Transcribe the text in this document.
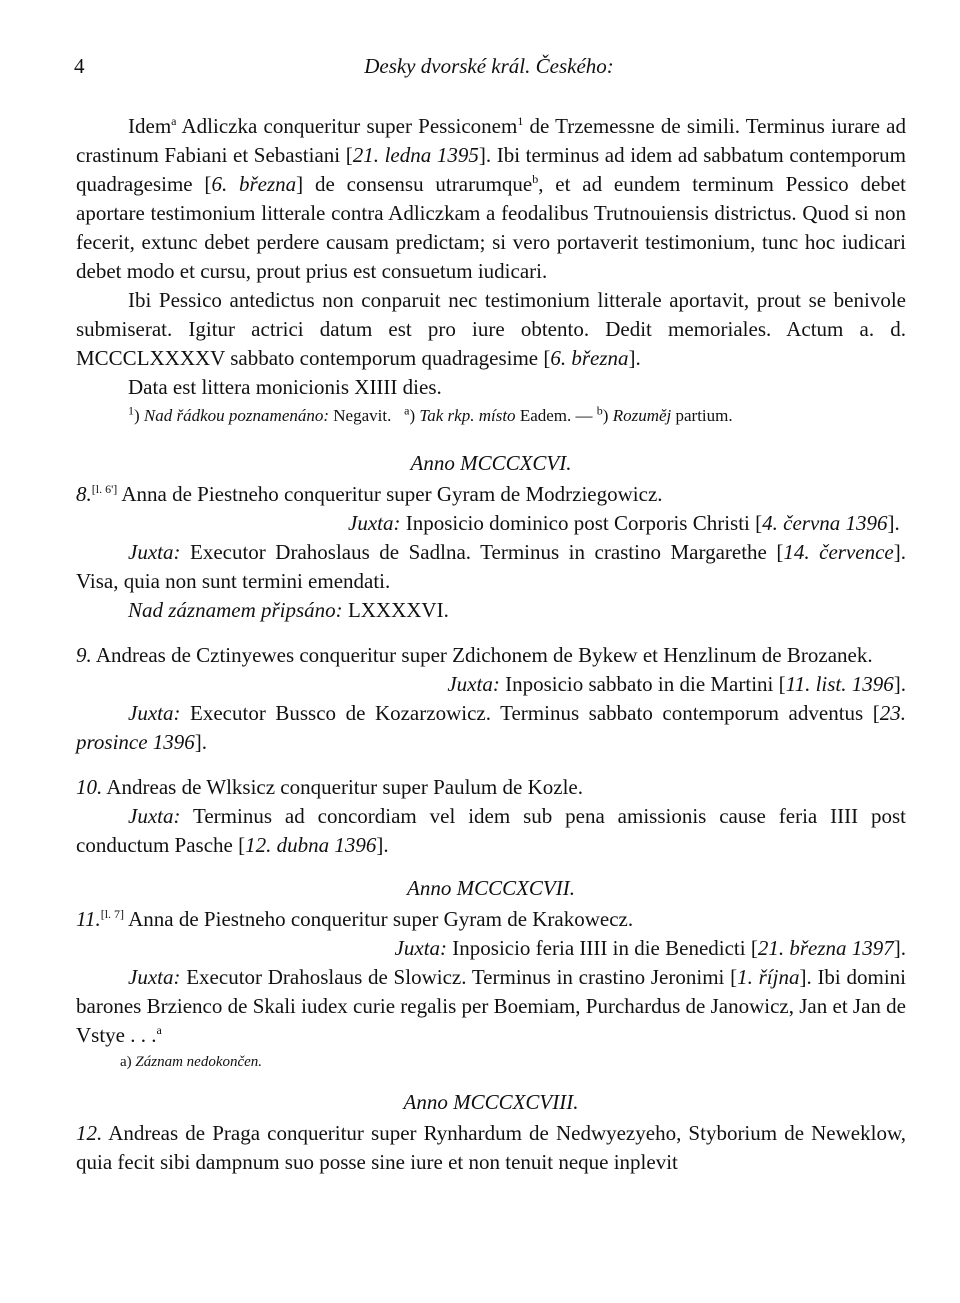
4	Desky dvorské král. Českého:

Idem$^a$ Adliczka conqueritur super Pessiconem$^1$ de Trzemessne de simili. Terminus iurare ad crastinum Fabiani et Sebastiani [21. ledna 1395]. Ibi terminus ad idem ad sabbatum contemporum quadragesime [6. března] de consensu utrarumque$^b$, et ad eundem terminum Pessico debet aportare testimonium litterale contra Adliczkam a feodalibus Trutnouiensis districtus. Quod si non fecerit, extunc debet perdere causam predictam; si vero portaverit testimonium, tunc hoc iudicari debet modo et cursu, prout prius est consuetum iudicari.

Ibi Pessico antedictus non conparuit nec testimonium litterale aportavit, prout se benivole submiserat. Igitur actrici datum est pro iure obtento. Dedit memoriales. Actum a. d. MCCCLXXXXV sabbato contemporum quadragesime [6. března].

Data est littera monicionis XIIII dies.

$^1$) Nad řádkou poznamenáno: Negavit. $^a$) Tak rkp. místo Eadem. — $^b$) Rozuměj partium.

Anno MCCCXCVI.

8.[l. 6'] Anna de Piestneho conqueritur super Gyram de Modrziegowicz.

Juxta: Inposicio dominico post Corporis Christi [4. června 1396].

Juxta: Executor Drahoslaus de Sadlna. Terminus in crastino Margarethe [14. července]. Visa, quia non sunt termini emendati.

Nad záznamem připsáno: LXXXXVI.

9. Andreas de Cztinyewes conqueritur super Zdichonem de Bykew et Henzlinum de Brozanek.

Juxta: Inposicio sabbato in die Martini [11. list. 1396].

Juxta: Executor Bussco de Kozarzowicz. Terminus sabbato contemporum adventus [23. prosince 1396].

10. Andreas de Wlksicz conqueritur super Paulum de Kozle.

Juxta: Terminus ad concordiam vel idem sub pena amissionis cause feria IIII post conductum Pasche [12. dubna 1396].

Anno MCCCXCVII.

11.[l. 7] Anna de Piestneho conqueritur super Gyram de Krakowecz.

Juxta: Inposicio feria IIII in die Benedicti [21. března 1397].

Juxta: Executor Drahoslaus de Slowicz. Terminus in crastino Jeronimi [1. října]. Ibi domini barones Brzienco de Skali iudex curie regalis per Boemiam, Purchardus de Janowicz, Jan et Jan de Vstye . . .$^a$

a) Záznam nedokončen.

Anno MCCCXCVIII.

12. Andreas de Praga conqueritur super Rynhardum de Nedwyezyeho, Styborium de Neweklow, quia fecit sibi dampnum suo posse sine iure et non tenuit neque inplevit
